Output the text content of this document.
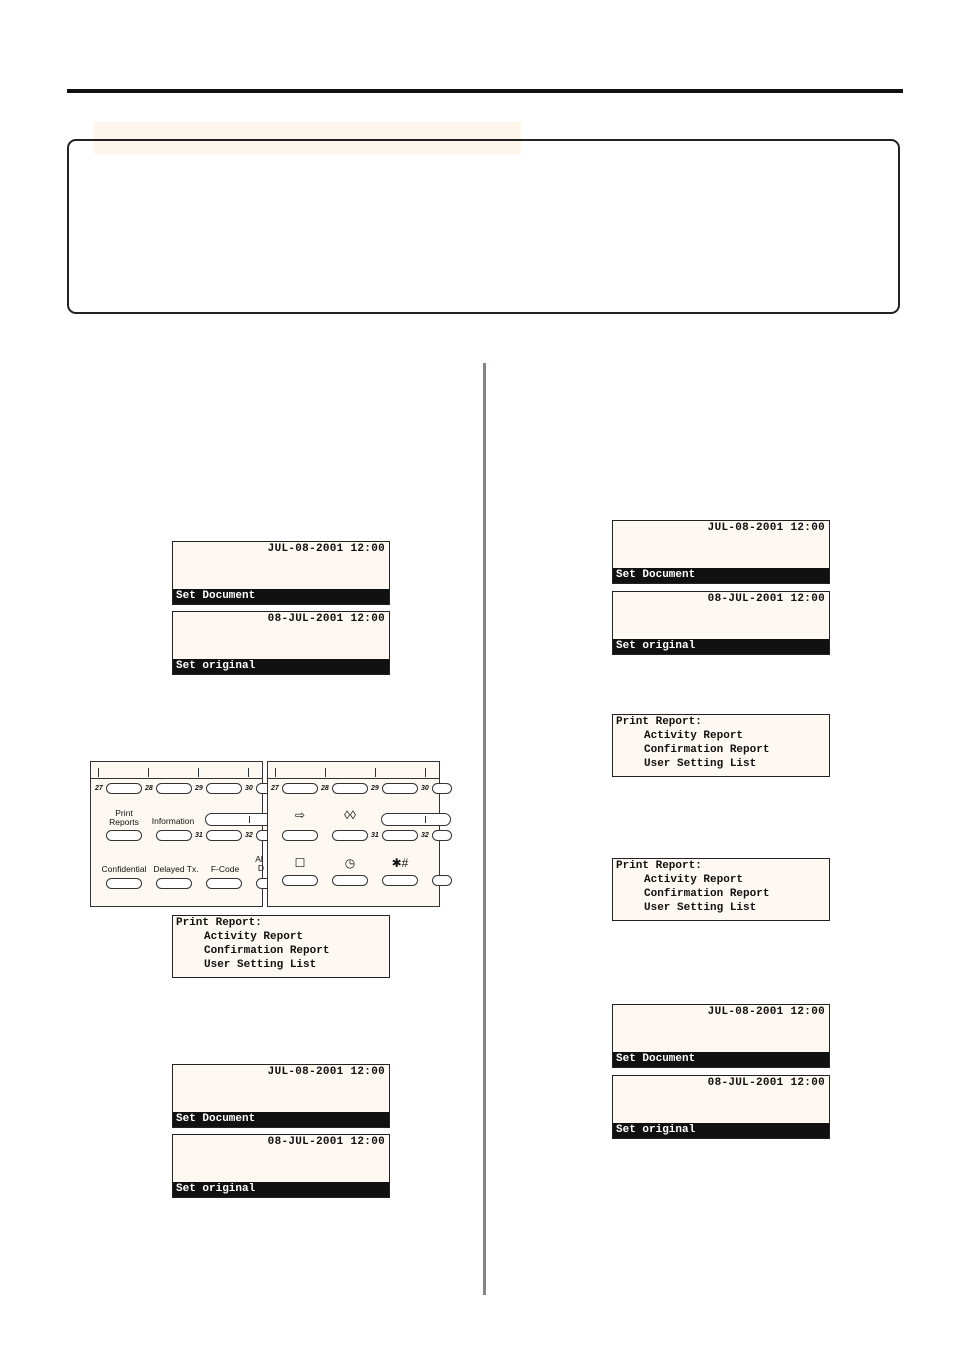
JUL-08-2001 12:00
Set Document
08-JUL-2001 12:00
Set original
27	28	29	30
Print
Reports	Information
31	32
Al
D
Confidential Delayed Tx.	F-Code
27	28	29	30
⇨	◊◊
31	32
☐	◷	✱#
Print Report:
Activity Report
Confirmation Report
User Setting List
JUL-08-2001 12:00
Set Document
08-JUL-2001 12:00
Set original
JUL-08-2001 12:00
Set Document
08-JUL-2001 12:00
Set original
Print Report:
Activity Report
Confirmation Report
User Setting List
Print Report:
Activity Report
Confirmation Report
User Setting List
JUL-08-2001 12:00
Set Document
08-JUL-2001 12:00
Set original
